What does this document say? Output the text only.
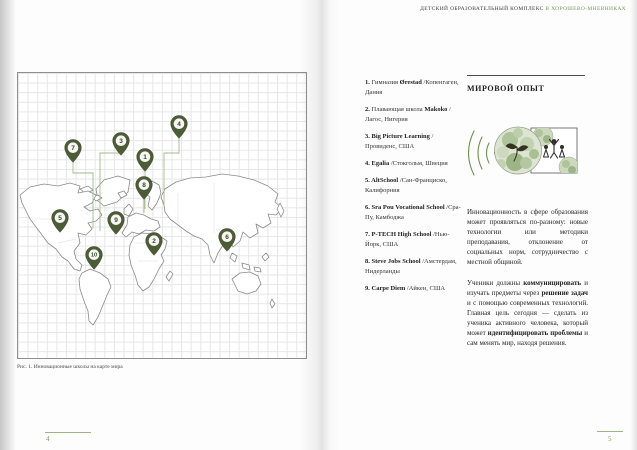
ДЕТСКИЙ ОБРАЗОВАТЕЛЬНЫЙ КОМПЛЕКС В ХОРОШЕВО-МНЕВНИКАХ
1
2
3
4
5
6
7
8
9
10
Рис. 1. Инновационные школы на карте мира
4
1. Гимназия Ørestad /Копенгаген, Дания
2. Плавающая школа Makoko /Лагос, Нигерия
3. Big Picture Learning /Провиденс, США
4. Egalia /Стокгольм, Швеция
5. AltSchool /Сан-Франциско, Калифорния
6. Sra Pou Vocational School /Сра-Пу, Камбоджа
7. P-TECH High School /Нью-Йорк, США
8. Steve Jobs School /Амстердам, Нидерланды
9. Carpe Diem /Айкен, США
МИРОВОЙ ОПЫТ
Инновационность в сфере образования может проявляться по-разному: новые технологии или методики преподавания, отклонение от социальных норм, сотрудничество с местной общиной.
Ученики должны коммуницировать и изучать предметы через решение задач и с помощью современных технологий. Главная цель сегодня — сделать из ученика активного человека, который может идентифицировать проблемы и сам менять мир, находя решения.
5
